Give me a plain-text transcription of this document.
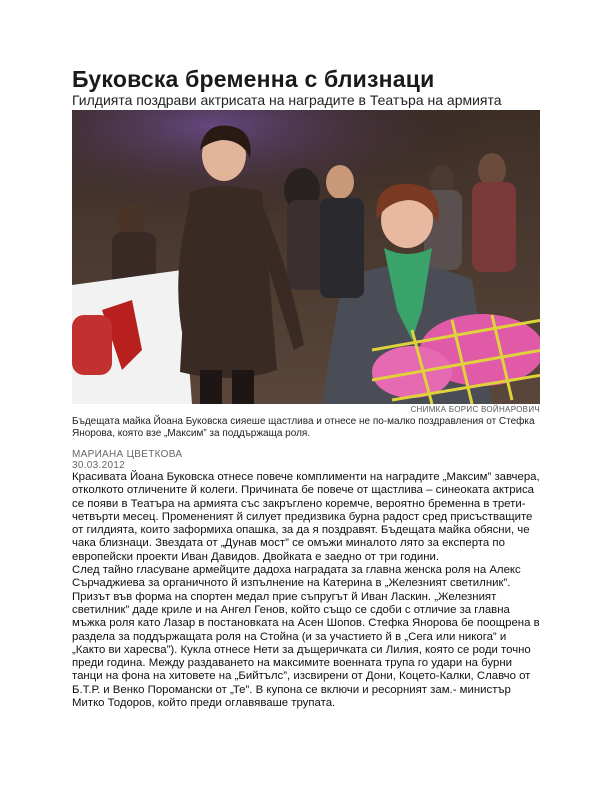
Буковска бременна с близнаци
Гилдията поздрави актрисата на наградите в Театъра на армията
СНИМКА БОРИС ВОЙНАРОВИЧ
Бъдещата майка Йоана Буковска сияеше щастлива и отнесе не по-малко поздравления от Стефка Янорова, която взе „Максим” за поддържаща роля.
МАРИАНА ЦВЕТКОВА
30.03.2012

Красивата Йоана Буковска отнесе повече комплименти на наградите „Максим” завчера, отколкото отличените й колеги. Причината бе повече от щастлива – синеоката актриса се появи в Театъра на армията със закръглено коремче, вероятно бременна в трети-четвърти месец. Промененият й силует предизвика бурна радост сред присъстващите от гилдията, които заформиха опашка, за да я поздравят. Бъдещата майка обясни, че чака близнаци. Звездата от „Дунав мост” се омъжи миналото лято за експерта по европейски проекти Иван Давидов. Двойката е заедно от три години.

След тайно гласуване армейците дадоха наградата за главна женска роля на Алекс Сърчаджиева за органичното й изпълнение на Катерина в „Железният светилник”. Призът във форма на спортен медал прие съпругът й Иван Ласкин. „Железният светилник” даде криле и на Ангел Генов, който също се сдоби с отличие за главна мъжка роля като Лазар в постановката на Асен Шопов. Стефка Янорова бе поощрена в раздела за поддържащата роля на Стойна (и за участието й в „Сега или никога” и „Както ви харесва”). Кукла отнесе Нети за дъщеричката си Лилия, която се роди точно преди година. Между раздаването на максимите военната трупа го удари на бурни танци на фона на хитовете на „Бийтълс”, изсвирени от Дони, Коцето-Калки, Славчо от Б.Т.Р. и Венко Поромански от „Те”. В купона се включи и ресорният зам.- министър Митко Тодоров, който преди оглавяваше трупата.
